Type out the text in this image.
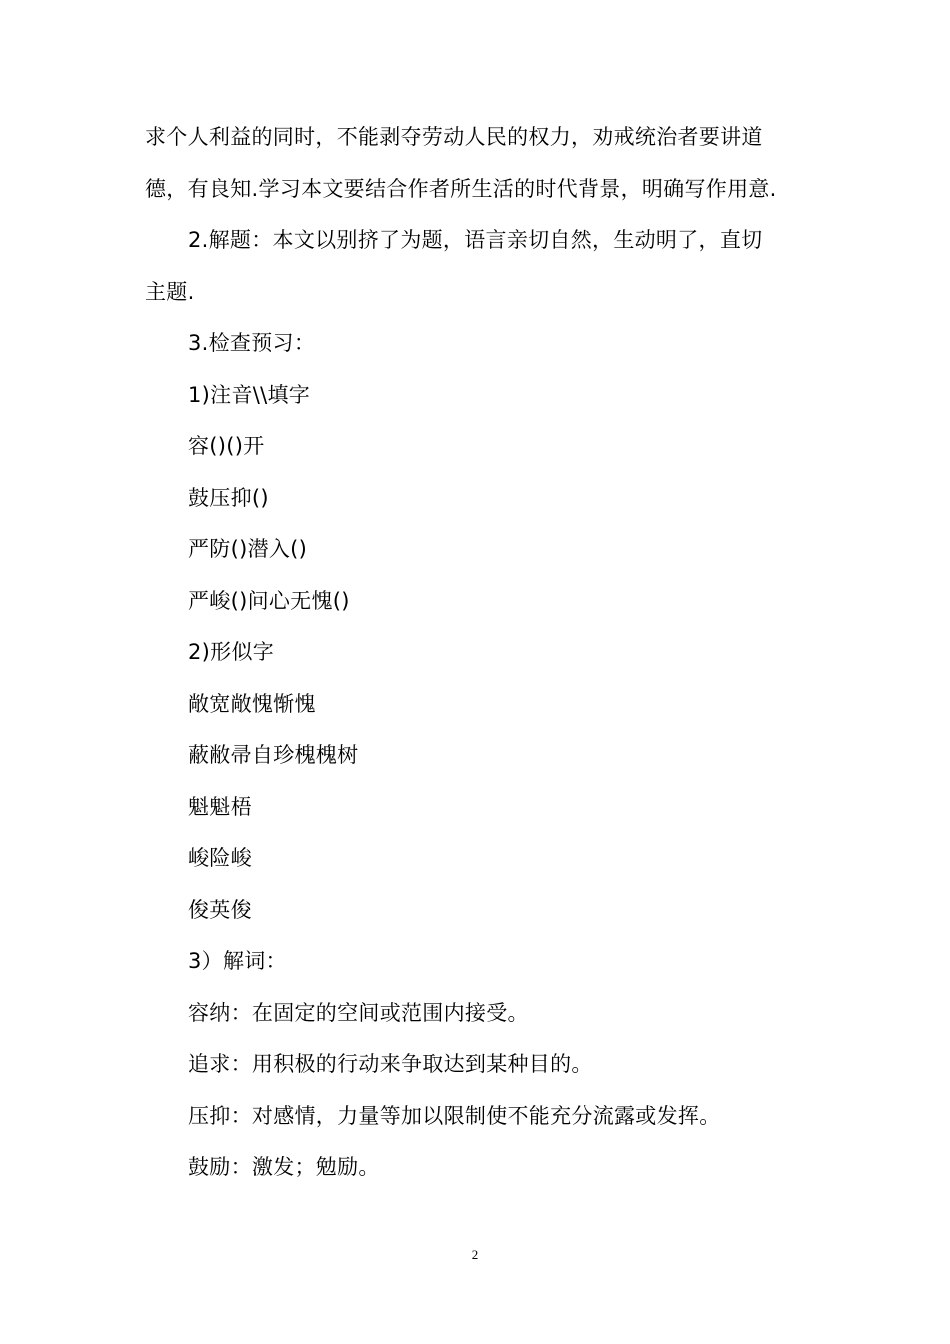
求个人利益的同时，不能剥夺劳动人民的权力，劝戒统治者要讲道
德，有良知.学习本文要结合作者所生活的时代背景，明确写作用意.
2.解题：本文以别挤了为题，语言亲切自然，生动明了，直切
主题.
3.检查预习：
1)注音\\填字
容()()开
鼓压抑()
严防()潜入()
严峻()问心无愧()
2)形似字
敞宽敞愧惭愧
蔽敝帚自珍槐槐树
魁魁梧
峻险峻
俊英俊
3）解词：
容纳：在固定的空间或范围内接受。
追求：用积极的行动来争取达到某种目的。
压抑：对感情，力量等加以限制使不能充分流露或发挥。
鼓励：激发；勉励。
2
